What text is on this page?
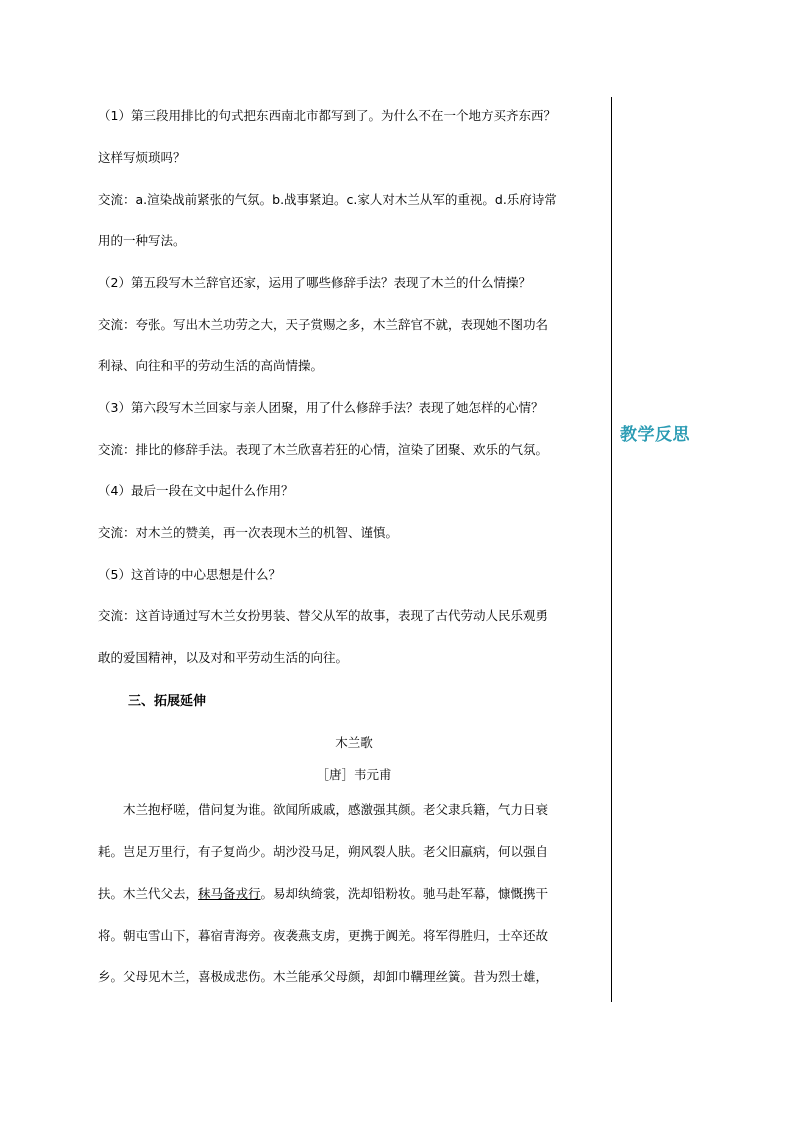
教学反思

（1）第三段用排比的句式把东西南北市都写到了。为什么不在一个地方买齐东西？

这样写烦琐吗？

交流：a.渲染战前紧张的气氛。b.战事紧迫。c.家人对木兰从军的重视。d.乐府诗常

用的一种写法。

（2）第五段写木兰辞官还家，运用了哪些修辞手法？表现了木兰的什么情操？

交流：夸张。写出木兰功劳之大，天子赏赐之多，木兰辞官不就，表现她不图功名

利禄、向往和平的劳动生活的高尚情操。

（3）第六段写木兰回家与亲人团聚，用了什么修辞手法？表现了她怎样的心情？

交流：排比的修辞手法。表现了木兰欣喜若狂的心情，渲染了团聚、欢乐的气氛。

（4）最后一段在文中起什么作用？

交流：对木兰的赞美，再一次表现木兰的机智、谨慎。

（5）这首诗的中心思想是什么？

交流：这首诗通过写木兰女扮男装、替父从军的故事，表现了古代劳动人民乐观勇

敢的爱国精神，以及对和平劳动生活的向往。

三、拓展延伸
木兰歌
［唐］韦元甫
木兰抱杼嗟，借问复为谁。欲闻所戚戚，感激强其颜。老父隶兵籍，气力日衰
耗。岂足万里行，有子复尚少。胡沙没马足，朔风裂人肤。老父旧羸病，何以强自
扶。木兰代父去，秣马备戎行。易却纨绮裳，洗却铅粉妆。驰马赴军幕，慷慨携干
将。朝屯雪山下，暮宿青海旁。夜袭燕支虏，更携于阗羌。将军得胜归，士卒还故
乡。父母见木兰，喜极成悲伤。木兰能承父母颜，却卸巾鞲理丝簧。昔为烈士雄，
